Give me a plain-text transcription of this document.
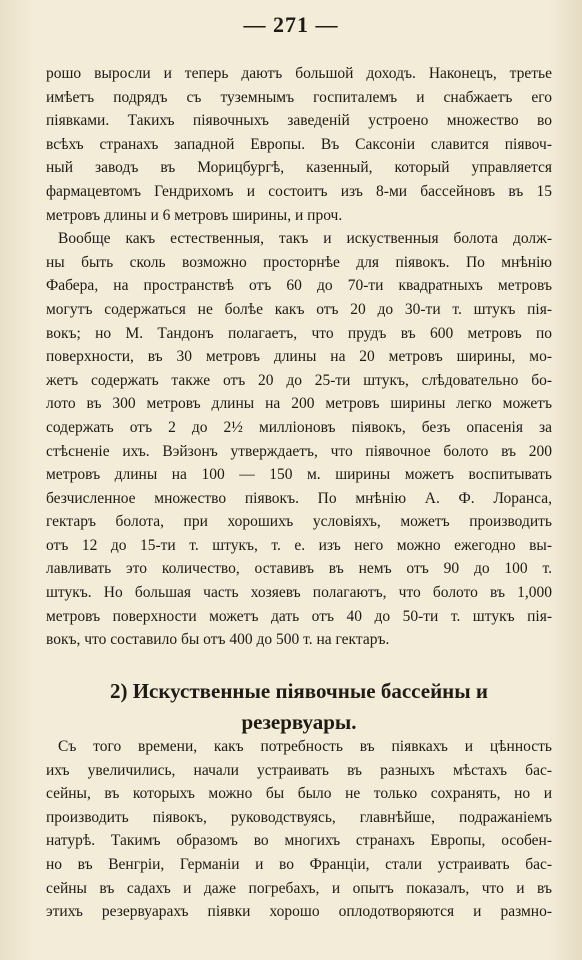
— 271 —
рошо выросли и теперь даютъ большой доходъ. Наконецъ, третье
имѣетъ подрядъ съ туземнымъ госпиталемъ и снабжаетъ его
піявками. Такихъ піявочныхъ заведеній устроено множество во
всѣхъ странахъ западной Европы. Въ Саксоніи славится піявоч-
ный заводъ въ Морицбургѣ, казенный, который управляется
фармацевтомъ Гендрихомъ и состоитъ изъ 8-ми бассейновъ въ 15
метровъ длины и 6 метровъ ширины, и проч.
Вообще какъ естественныя, такъ и искуственныя болота долж-
ны быть сколь возможно просторнѣе для піявокъ. По мнѣнію
Фабера, на пространствѣ отъ 60 до 70-ти квадратныхъ метровъ
могутъ содержаться не болѣе какъ отъ 20 до 30-ти т. штукъ пія-
вокъ; но М. Тандонъ полагаетъ, что прудъ въ 600 метровъ по
поверхности, въ 30 метровъ длины на 20 метровъ ширины, мо-
жетъ содержать также отъ 20 до 25-ти штукъ, слѣдовательно бо-
лото въ 300 метровъ длины на 200 метровъ ширины легко можетъ
содержать отъ 2 до 2½ милліоновъ піявокъ, безъ опасенія за
стѣсненіе ихъ. Вэйзонъ утверждаетъ, что піявочное болото въ 200
метровъ длины на 100 — 150 м. ширины можетъ воспитывать
безчисленное множество піявокъ. По мнѣнію А. Ф. Лоранса,
гектаръ болота, при хорошихъ условіяхъ, можетъ производить
отъ 12 до 15-ти т. штукъ, т. е. изъ него можно ежегодно вы-
лавливать это количество, оставивъ въ немъ отъ 90 до 100 т.
штукъ. Но большая часть хозяевъ полагаютъ, что болото въ 1,000
метровъ поверхности можетъ дать отъ 40 до 50-ти т. штукъ пія-
вокъ, что составило бы отъ 400 до 500 т. на гектаръ.
2) Искуственные піявочные бассейны и
резервуары.
Съ того времени, какъ потребность въ піявкахъ и цѣнность
ихъ увеличились, начали устраивать въ разныхъ мѣстахъ бас-
сейны, въ которыхъ можно бы было не только сохранять, но и
производить піявокъ, руководствуясь, главнѣйше, подражаніемъ
натурѣ. Такимъ образомъ во многихъ странахъ Европы, особен-
но въ Венгріи, Германіи и во Франціи, стали устраивать бас-
сейны въ садахъ и даже погребахъ, и опытъ показалъ, что и въ
этихъ резервуарахъ піявки хорошо оплодотворяются и размно-
